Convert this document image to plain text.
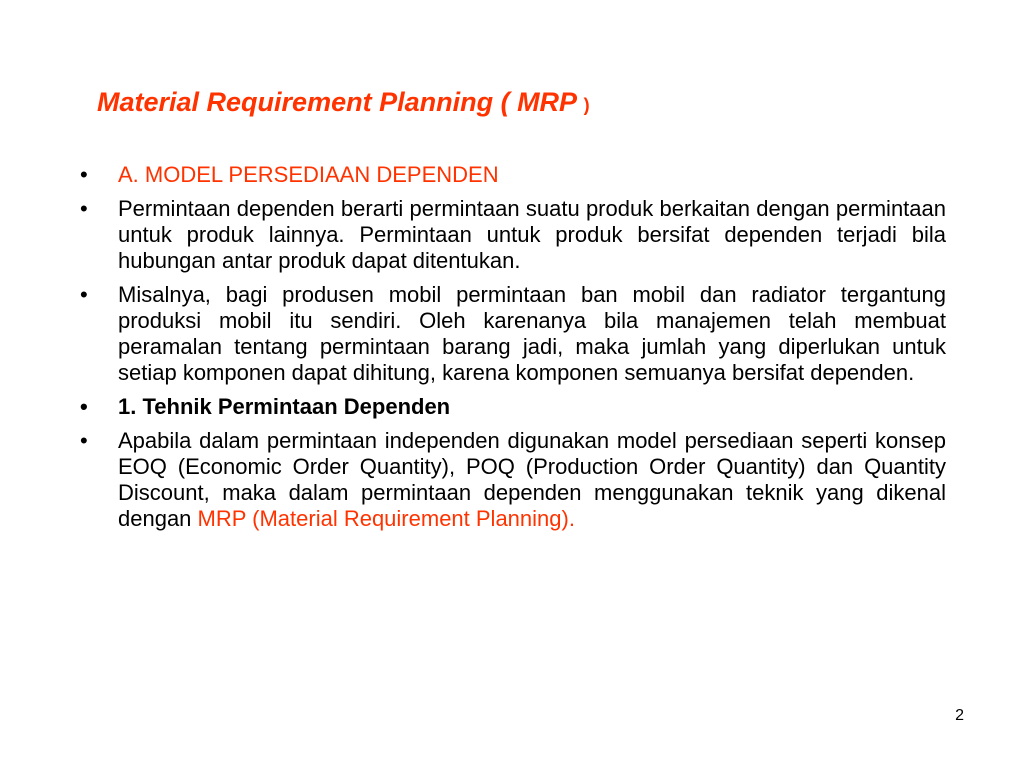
Material Requirement Planning ( MRP )
• A. MODEL PERSEDIAAN DEPENDEN
• Permintaan dependen berarti permintaan suatu produk berkaitan dengan permintaan untuk produk lainnya. Permintaan untuk produk bersifat dependen terjadi bila hubungan antar produk dapat ditentukan.
• Misalnya, bagi produsen mobil permintaan ban mobil dan radiator tergantung produksi mobil itu sendiri. Oleh karenanya bila manajemen telah membuat peramalan tentang permintaan barang jadi, maka jumlah yang diperlukan untuk setiap komponen dapat dihitung, karena komponen semuanya bersifat dependen.
• 1. Tehnik Permintaan Dependen
• Apabila dalam permintaan independen digunakan model persediaan seperti konsep EOQ (Economic Order Quantity), POQ (Production Order Quantity) dan Quantity Discount, maka dalam permintaan dependen menggunakan teknik yang dikenal dengan MRP (Material Requirement Planning).
2
